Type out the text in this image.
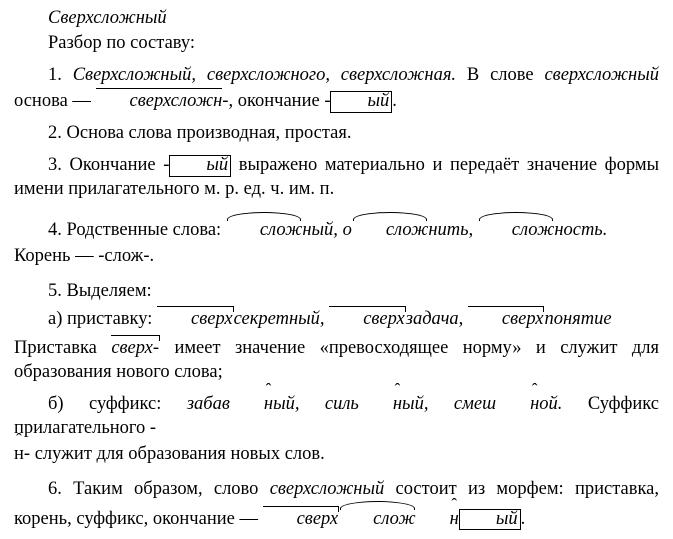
Сверхсложный

Разбор по составу:

1. Сверхсложный, сверхсложного, сверхсложная. В слове сверхсложный основа — сверхсложн-, окончание - ый .

2. Основа слова производная, простая.

3. Окончание - ый выражено материально и передаёт значение формы имени прилагательного м. р. ед. ч. им. п.

4. Родственные слова: сложный, о сложнить, сложность.

Корень — -слож-.

5. Выделяем:

а) приставку: сверхсекретный, сверхзадача, сверхпонятие

Приставка сверх- имеет значение «превосходящее норму» и служит для образования нового слова;

б) суффикс: забав ˆ ный, силь ˆ ный, смеш ˆ ной. Суффикс прилагательного -

ˆ н- служит для образования новых слов.

6. Таким образом, слово сверхсложный состоит из морфем: приставка, корень, суффикс, окончание — сверх слож ˆ н ый .
